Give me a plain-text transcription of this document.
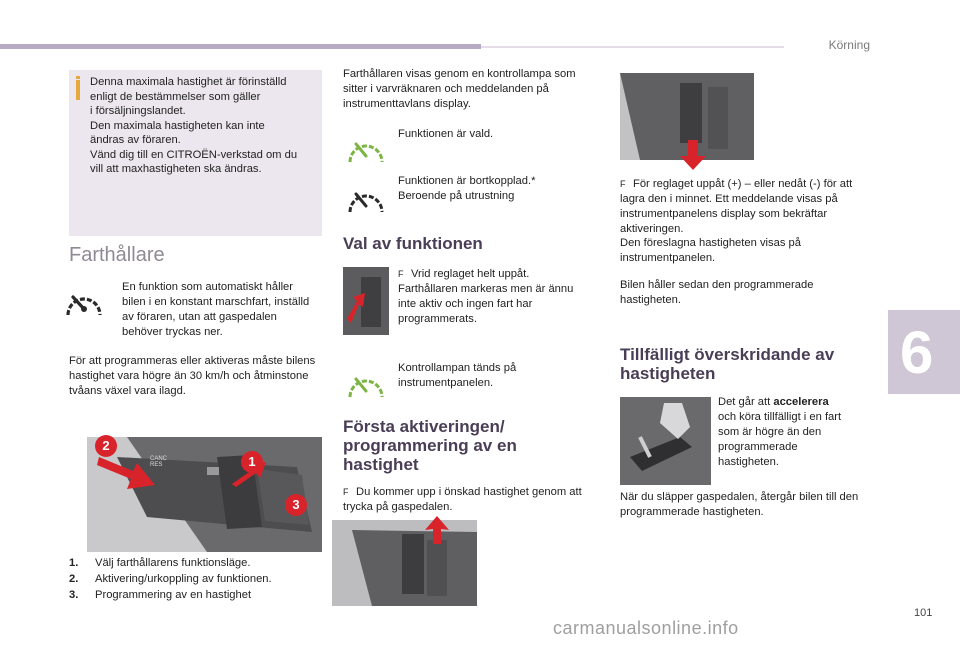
Körning
6
101
carmanualsonline.info
Denna maximala hastighet är förinställd
enligt de bestämmelser som gäller
i försäljningslandet.
Den maximala hastigheten kan inte
ändras av föraren.
Vänd dig till en CITROËN-verkstad om du
vill att maxhastigheten ska ändras.
Farthållare
En funktion som automatiskt håller bilen i en konstant marschfart, inställd av föraren, utan att gaspedalen behöver tryckas ner.
För att programmeras eller aktiveras måste bilens hastighet vara högre än 30 km/h och åtminstone tvåans växel vara ilagd.
CANC
RES
2
1
3
1. Välj farthållarens funktionsläge.
2. Aktivering/urkoppling av funktionen.
3. Programmering av en hastighet
Farthållaren visas genom en kontrollampa som sitter i varvräknaren och meddelanden på instrumenttavlans display.
Funktionen är vald.
Funktionen är bortkopplad.*
Beroende på utrustning
Val av funktionen
F Vrid reglaget helt uppåt. Farthållaren markeras men är ännu inte aktiv och ingen fart har programmerats.
Kontrollampan tänds på instrumentpanelen.
Första aktiveringen/
programmering av en
hastighet
F Du kommer upp i önskad hastighet genom att trycka på gaspedalen.
F För reglaget uppåt (+) – eller nedåt (-) för att lagra den i minnet. Ett meddelande visas på instrumentpanelens display som bekräftar aktiveringen.
Den föreslagna hastigheten visas på instrumentpanelen.
Bilen håller sedan den programmerade hastigheten.
Tillfälligt överskridande av
hastigheten
Det går att accelerera och köra tillfälligt i en fart som är högre än den programmerade hastigheten.
När du släpper gaspedalen, återgår bilen till den programmerade hastigheten.
